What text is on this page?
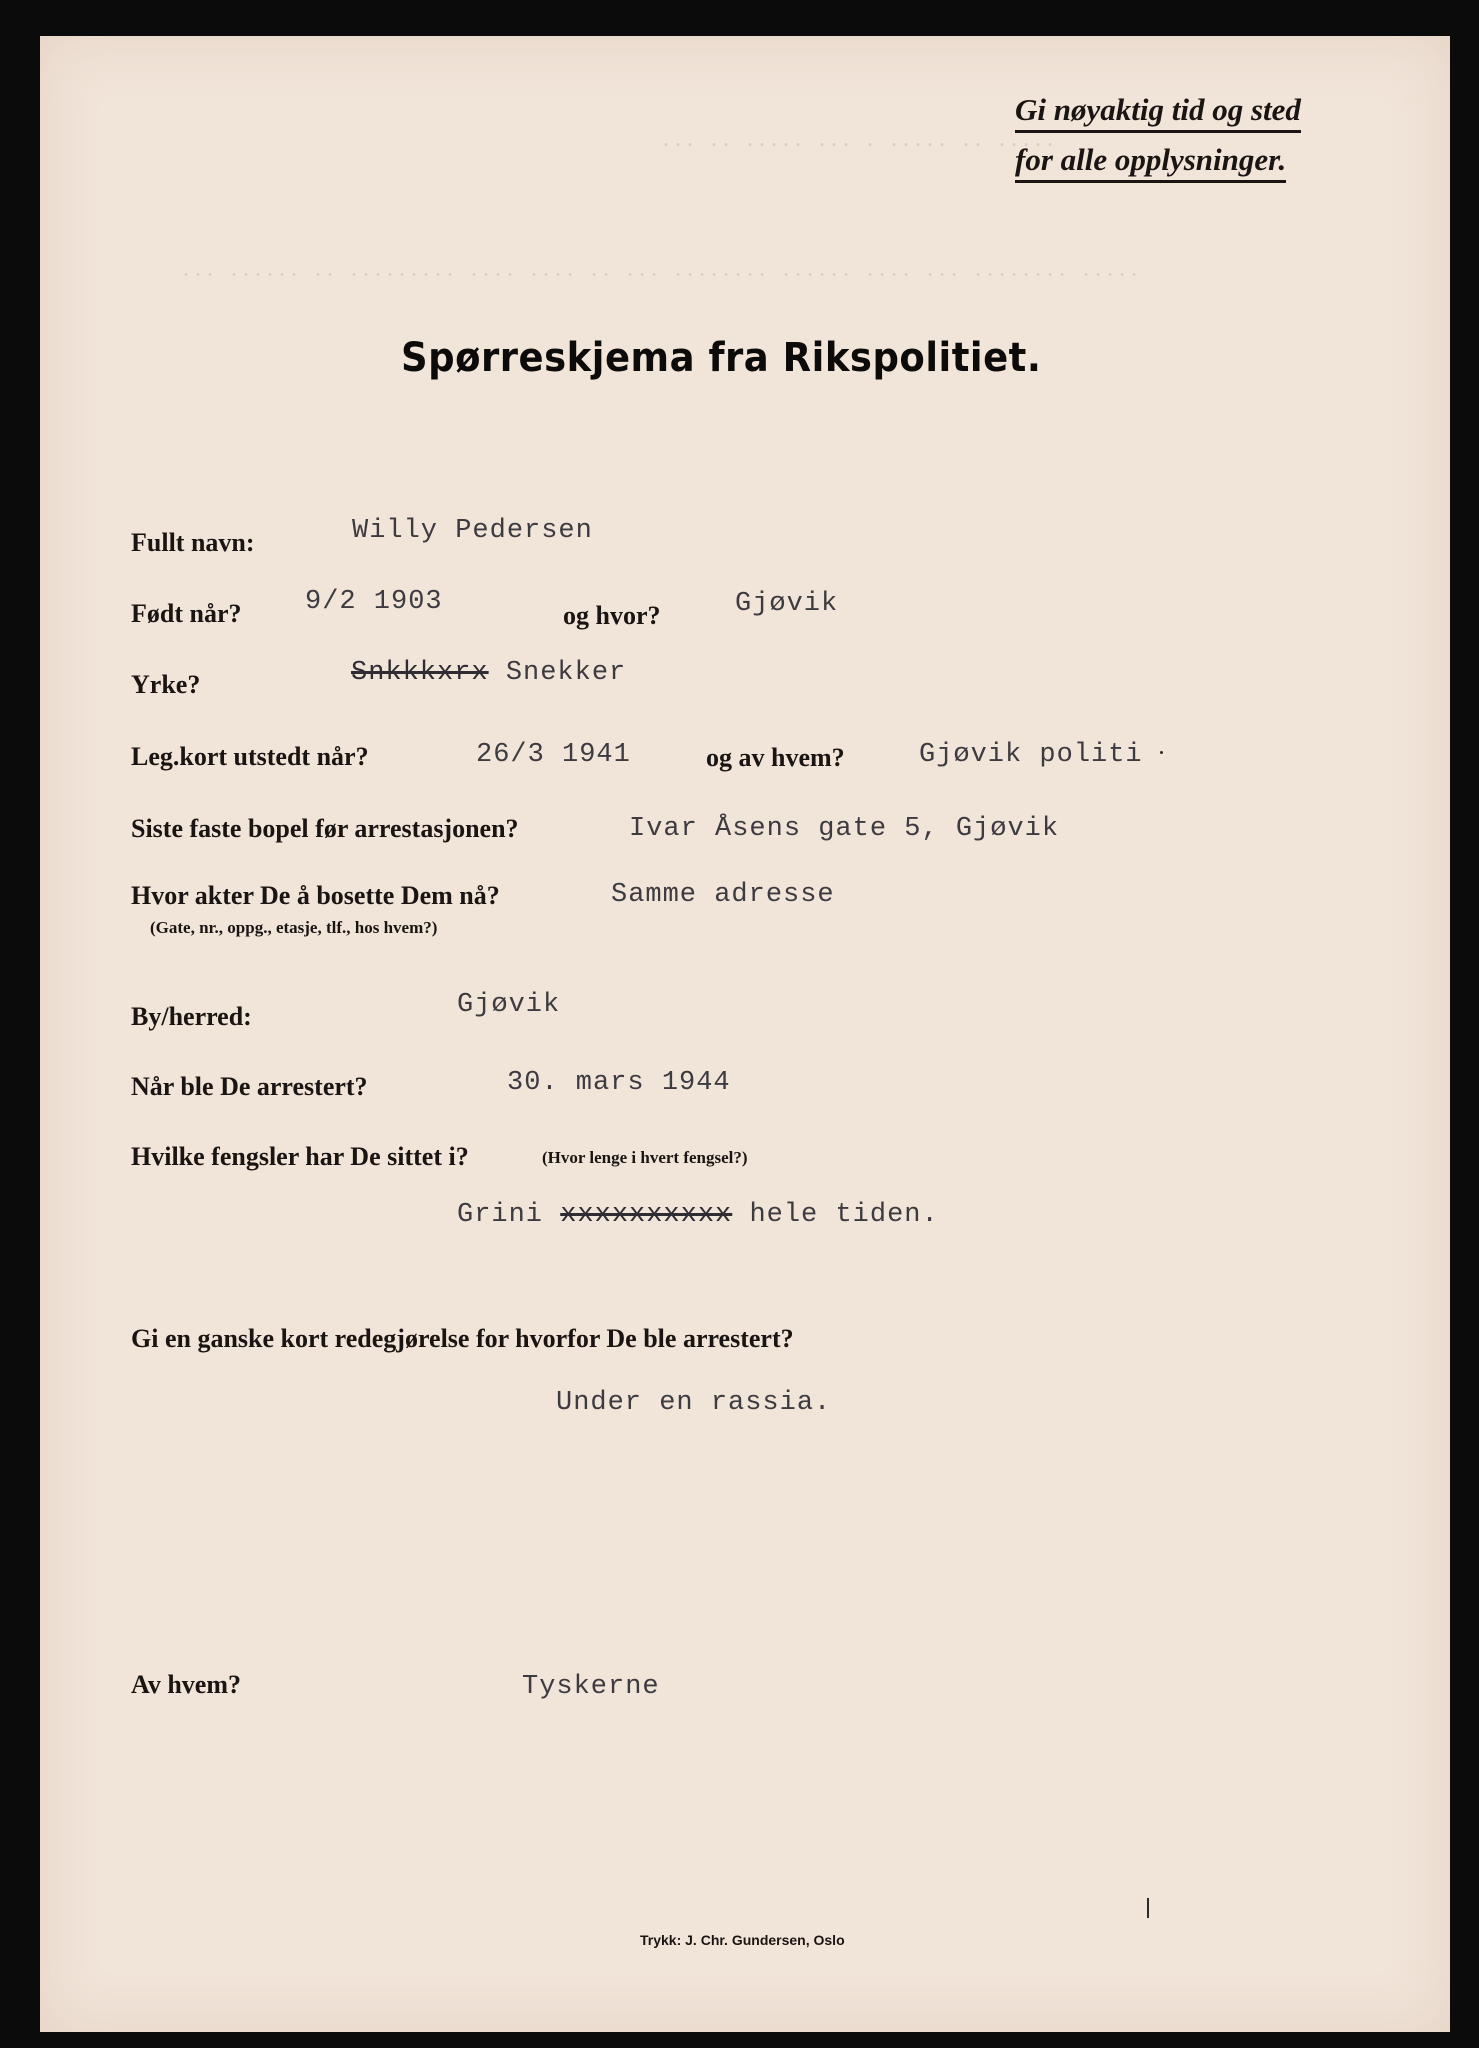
Gi nøyaktig tid og sted
for alle opplysninger.
··· ·· ····· ··· · ····· ·· ·····
··· ······ ·· ········· ···· ···· ·· ··· ········ ······ ···· ··· ········ ·····
Spørreskjema fra Rikspolitiet.
Fullt navn:	Willy Pedersen
Født når? 9/2 1903	og hvor?	Gjøvik
Yrke?	Snkkkxrx Snekker
Leg.kort utstedt når?	26/3 1941	og av hvem?	Gjøvik politi
Siste faste bopel før arrestasjonen?	Ivar Åsens gate 5, Gjøvik
Hvor akter De å bosette Dem nå?
(Gate, nr., oppg., etasje, tlf., hos hvem?)
Samme adresse
By/herred:	Gjøvik
Når ble De arrestert?	30. mars 1944
Hvilke fengsler har De sittet i?	(Hvor lenge i hvert fengsel?)
Grini xxxxxxxxxx hele tiden.
Gi en ganske kort redegjørelse for hvorfor De ble arrestert?
Under en rassia.
Av hvem?	Tyskerne
Trykk: J. Chr. Gundersen, Oslo
